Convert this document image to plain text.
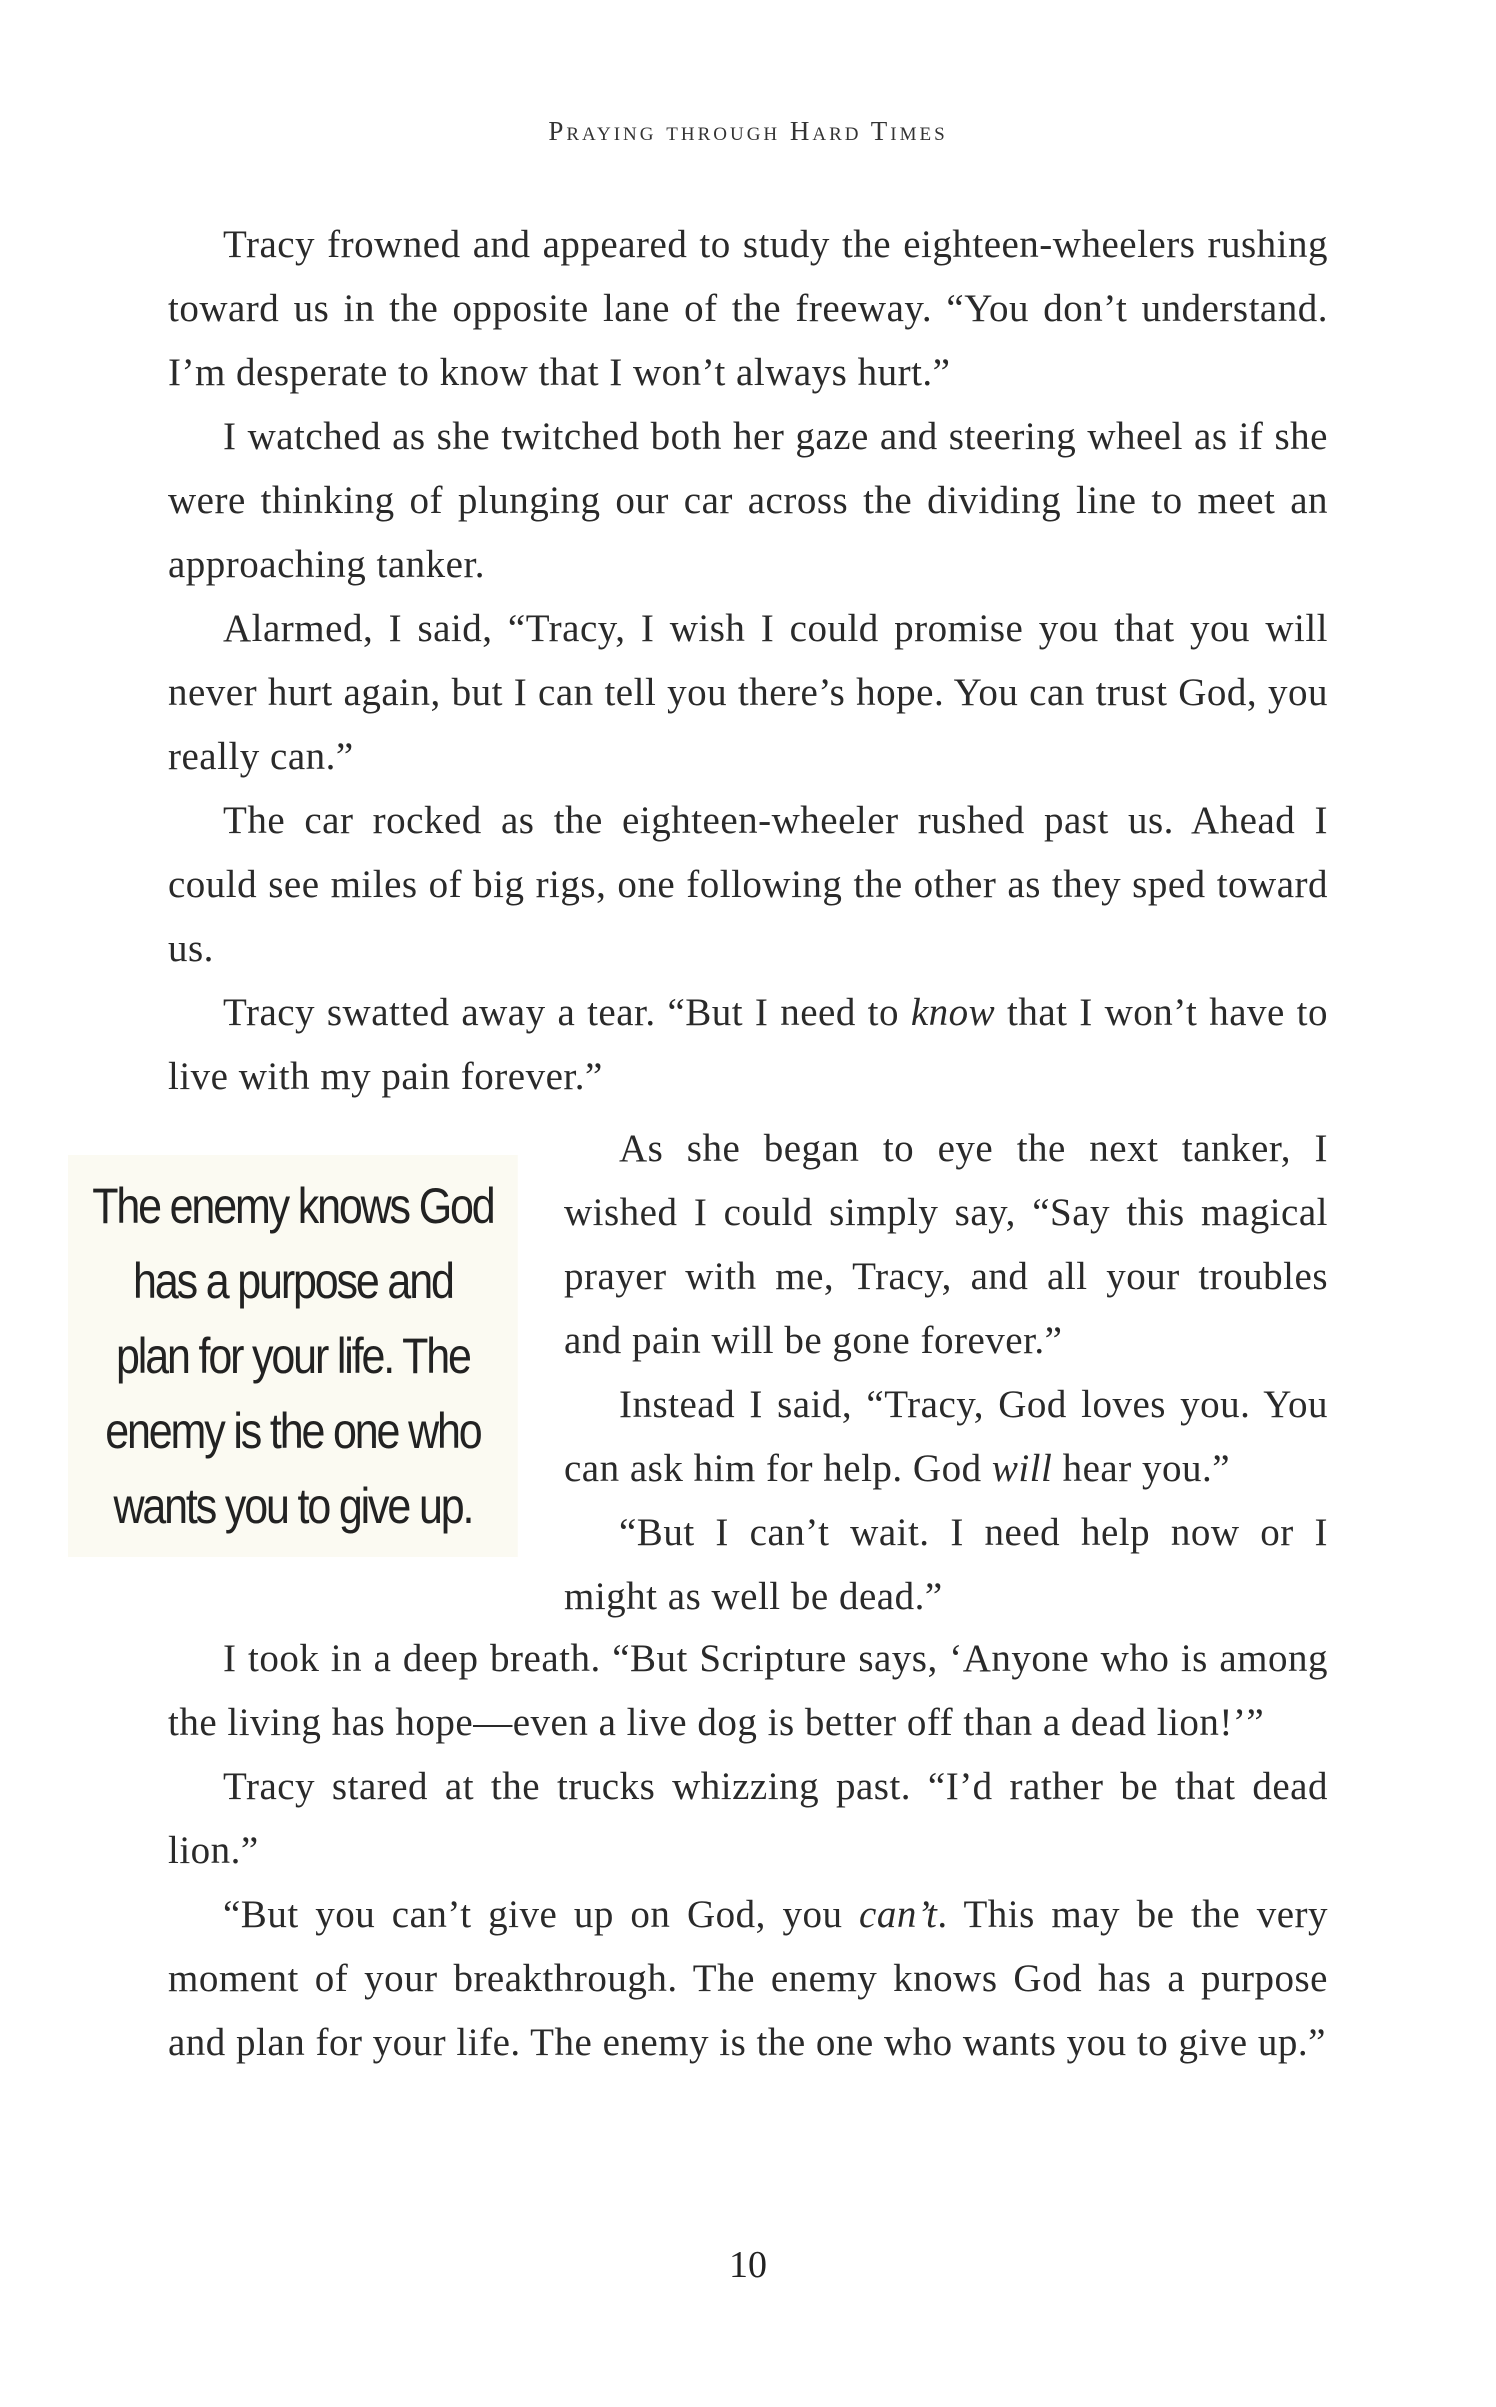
Praying through Hard Times

Tracy frowned and appeared to study the eighteen-wheelers rushing toward us in the opposite lane of the freeway. “You don’t understand. I’m desperate to know that I won’t always hurt.”

I watched as she twitched both her gaze and steering wheel as if she were thinking of plunging our car across the dividing line to meet an approaching tanker.

Alarmed, I said, “Tracy, I wish I could promise you that you will never hurt again, but I can tell you there’s hope. You can trust God, you really can.”

The car rocked as the eighteen-wheeler rushed past us. Ahead I could see miles of big rigs, one following the other as they sped toward us.

Tracy swatted away a tear. “But I need to know that I won’t have to live with my pain forever.”

The enemy knows God
has a purpose and
plan for your life. The
enemy is the one who
wants you to give up.

As she began to eye the next tanker, I wished I could simply say, “Say this magical prayer with me, Tracy, and all your troubles and pain will be gone forever.”

Instead I said, “Tracy, God loves you. You can ask him for help. God will hear you.”

“But I can’t wait. I need help now or I might as well be dead.”

I took in a deep breath. “But Scripture says, ‘Anyone who is among the living has hope—even a live dog is better off than a dead lion!’”

Tracy stared at the trucks whizzing past. “I’d rather be that dead lion.”

“But you can’t give up on God, you can’t. This may be the very moment of your breakthrough. The enemy knows God has a purpose and plan for your life. The enemy is the one who wants you to give up.”

10
